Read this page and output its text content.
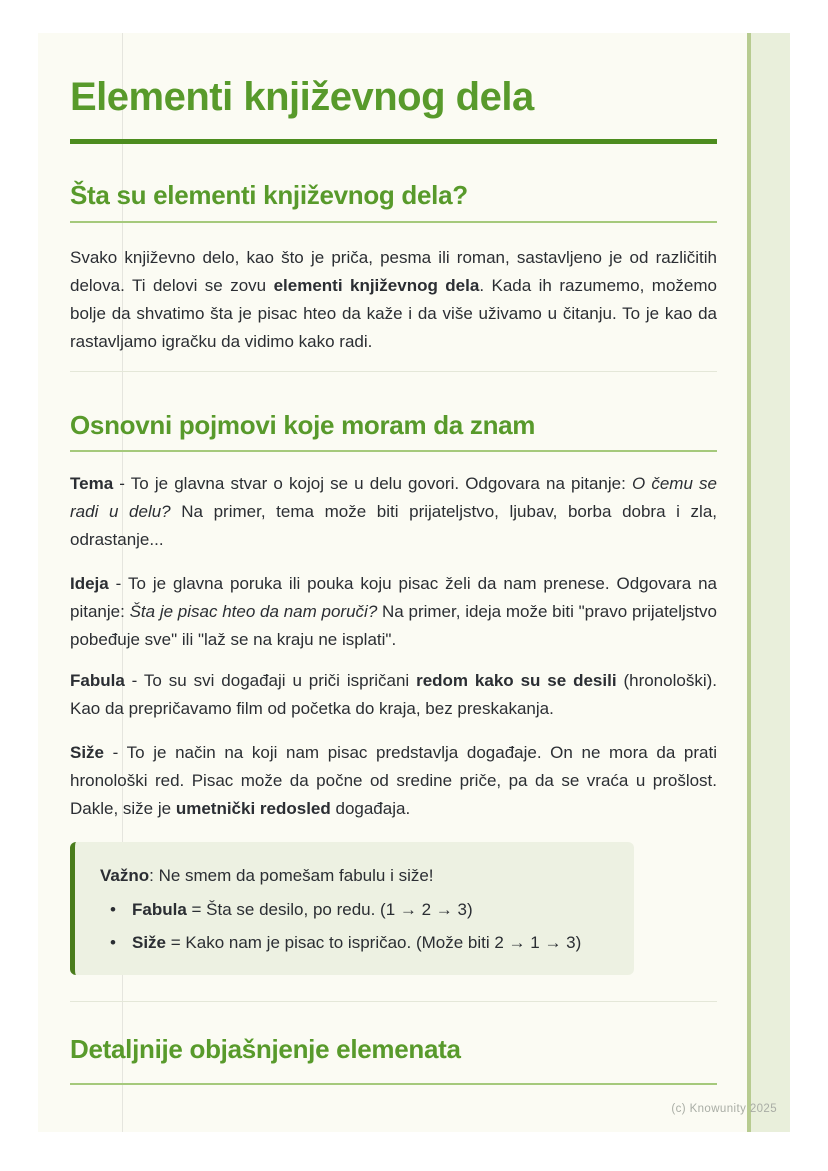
Elementi književnog dela
Šta su elementi književnog dela?

Svako književno delo, kao što je priča, pesma ili roman, sastavljeno je od različitih delova. Ti delovi se zovu elementi književnog dela. Kada ih razumemo, možemo bolje da shvatimo šta je pisac hteo da kaže i da više uživamo u čitanju. To je kao da rastavljamo igračku da vidimo kako radi.

Osnovni pojmovi koje moram da znam

Tema - To je glavna stvar o kojoj se u delu govori. Odgovara na pitanje: O čemu se radi u delu? Na primer, tema može biti prijateljstvo, ljubav, borba dobra i zla, odrastanje...

Ideja - To je glavna poruka ili pouka koju pisac želi da nam prenese. Odgovara na pitanje: Šta je pisac hteo da nam poruči? Na primer, ideja može biti "pravo prijateljstvo pobeđuje sve" ili "laž se na kraju ne isplati".

Fabula - To su svi događaji u priči ispričani redom kako su se desili (hronološki). Kao da prepričavamo film od početka do kraja, bez preskakanja.

Siže - To je način na koji nam pisac predstavlja događaje. On ne mora da prati hronološki red. Pisac može da počne od sredine priče, pa da se vraća u prošlost. Dakle, siže je umetnički redosled događaja.

Važno: Ne smem da pomešam fabulu i siže!

• Fabula = Šta se desilo, po redu. (1 → 2 → 3)
• Siže = Kako nam je pisac to ispričao. (Može biti 2 → 1 → 3)
Detaljnije objašnjenje elemenata
(c) Knowunity 2025
